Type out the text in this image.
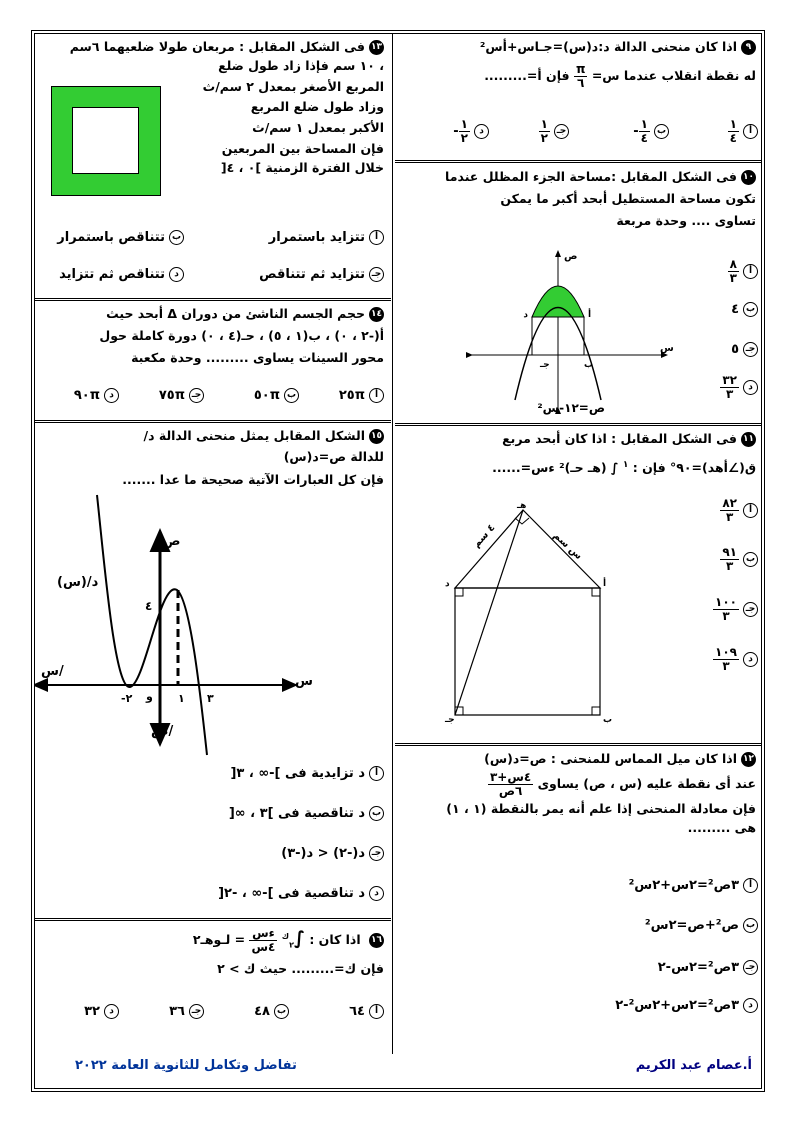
٩اذا كان منحنى الدالة د:د(س)=جـاس+أس²
له نقطة انقلاب عندما س=
$\frac{\pi}{٦}$
فإن أ=.........
أ
$\frac{١}{٤}$
ب
$\frac{١}{٤}$
-
جـ
$\frac{١}{٢}$
د
$\frac{١}{٢}$
-
١٠فى الشكل المقابل :مساحة الجزء المظلل عندما
تكون مساحة المستطيل أبحد أكبر ما يمكن
تساوى .... وحدة مربعة
أ
$\frac{٨}{٣}$
ب٤
جـ٥
د
$\frac{٣٢}{٣}$
د	أ
جـ	ب
ص
س
ص=١٢-س²
١١فى الشكل المقابل : اذا كان أبحد مربع
ق(∠أهد)=٩٠° فإن : $^١$ ∫ (هـ حـ)² ءس=......
أ
$\frac{٨٢}{٣}$
ب
$\frac{٩١}{٣}$
جـ
$\frac{١٠٠}{٣}$
د
$\frac{١٠٩}{٣}$
هـ
د	أ
جـ	ب
٤ سم
س سم
١٢اذا كان ميل المماس للمنحنى : ص=د(س)
عند أى نقطة عليه (س ، ص) يساوى
$\frac{\text{٤س+٣}}{\text{٦ص}}$
فإن معادلة المنحنى إذا علم أنه يمر بالنقطة (١ ، ١)
هى .........
أ٣ص²=٢س+٢س²
بص²+ص=٢س²
جـ٣ص²=٢س-٢
د٣ص²=٢س+٢س²-٢
١٣فى الشكل المقابل : مربعان طولا ضلعيهما ٦سم
، ١٠ سم فإذا زاد طول ضلع
المربع الأصغر بمعدل ٢ سم/ث
وزاد طول ضلع المربع
الأكبر بمعدل ١ سم/ث
فإن المساحة بين المربعين
خلال الفترة الزمنية ]٠ ، ٤[
أتتزايد باستمرار
بتتناقص باستمرار
جـتتزايد ثم تتناقص
دتتناقص ثم تتزايد
١٤حجم الجسم الناشئ من دوران Δ أبحد حيث
أ(-٢ ، ٠) ، ب(١ ، ٥) ، حـ(٤ ، ٠) دورة كاملة حول
محور السينات يساوى ......... وحدة مكعبة
أ٢٥π
ب٥٠π
جـ٧٥π
د٩٠π
١٥الشكل المقابل يمثل منحنى الدالة د/
للدالة ص=د(س)
فإن كل العبارات الآتية صحيحة ما عدا .......
د/(س)
ص
ص/
س
س/
٤
و
-٢	١ ٣
أد تزايدية فى ]-∞ ، ٣[
بد تناقصية فى ]٣ ، ∞[
جـد(-٢) < د(-٣)
دد تناقصية فى ]-∞ ، -٢[
١٦ اذا كان : $\int_٢^ك$
$\frac{\text{ءس}}{\text{٤س}}$
= لـوهـ٢
فإن ك=......... حيث ك > ٢
أ٦٤
ب٤٨
جـ٣٦
د٣٢
أ.عصام عبد الكريم
تفاضل وتكامل للثانوية العامة ٢٠٢٢
